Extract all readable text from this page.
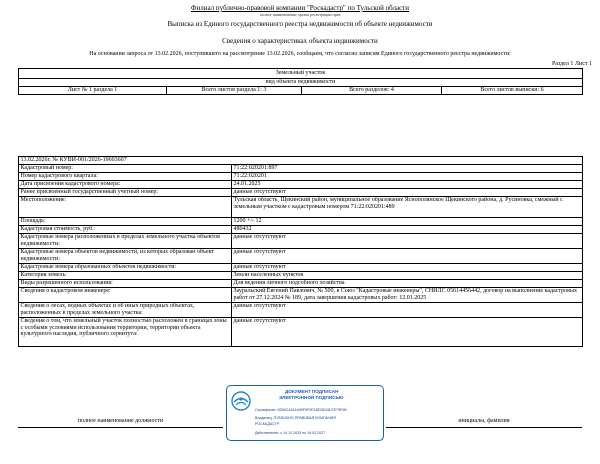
Филиал публично-правовой компании "Роскадастр" по Тульской области
полное наименование органа регистрации прав
Выписка из Единого государственного реестра недвижимости об объекте недвижимости
Сведения о характеристиках объекта недвижимости
На основании запроса от 13.02.2026, поступившего на рассмотрение 13.02.2026, сообщаем, что согласно записям Единого государственного реестра недвижимости:
Раздел 1 Лист 1
Земельный участок
вид объекта недвижимости

Лист № 1 раздела 1	Всего листов раздела 1: 3	Всего разделов: 4	Всего листов выписки: 6
13.02.2026г. № КУВИ-001/2026-19603607	
Кадастровый номер:	71:22:020201:897
Номер кадастрового квартала:	71:22:020201
Дата присвоения кадастрового номера:	24.01.2025

Ранее присвоенный государственный учетный номер:	данные отсутствуют
Местоположение:	Тульская область, Щекинский район, муниципальное образование Яснополянское Щекинского района, д. Русиновка, смежный с земельным участком с кадастровым номером 71:22:020201:489
Площадь:	1200 +/- 12
Кадастровая стоимость, руб.:	480432
Кадастровые номера расположенных в пределах земельного участка объектов недвижимости:	данные отсутствуют
Кадастровые номера объектов недвижимости, из которых образован объект недвижимости:	данные отсутствуют
Кадастровые номера образованных объектов недвижимости:	данные отсутствуют
Категория земель:	Земли населенных пунктов
Виды разрешенного использования:	Для ведения личного подсобного хозяйства
Сведения о кадастровом инженере:	Зауральский Евгений Павлович, № 500, в Союз "Кадастровые инженеры", СНИЛС 05614456442, договор на выполнение кадастровых работ от 27.12.2024 № 189, дата завершения кадастровых работ: 12.01.2025
Сведения о лесах, водных объектах и об иных природных объектах, расположенных в пределах земельного участка:	данные отсутствуют
Сведения о том, что земельный участок полностью расположен в границах зоны с особыми условиями использования территории, территории объекта культурного наследия, публичного сервитута:	данные отсутствуют
полное наименование должности	инициалы, фамилия
ДОКУМЕНТ ПОДПИСАН
ЭЛЕКТРОННОЙ ПОДПИСЬЮ
Сертификат: 00B9C4A11A99F0F0E1BD3E43D7E75F0B
Владелец: ПУБЛИЧНО-ПРАВОВАЯ КОМПАНИЯ
РОСКАДАСТР
Действителен: с 14.12.2025 по 19.03.2027
